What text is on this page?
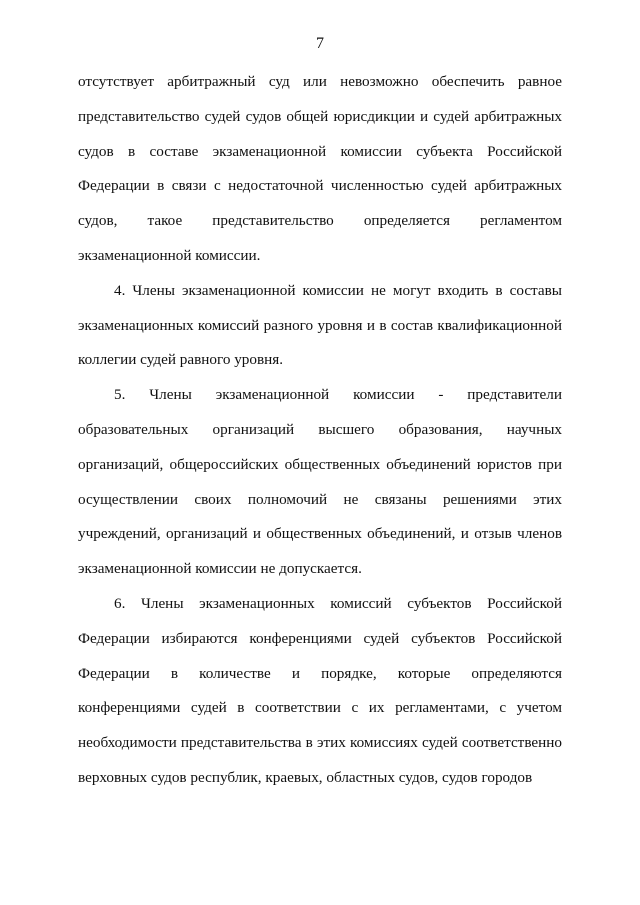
7

отсутствует арбитражный суд или невозможно обеспечить равное представительство судей судов общей юрисдикции и судей арбитражных судов в составе экзаменационной комиссии субъекта Российской Федерации в связи с недостаточной численностью судей арбитражных судов, такое представительство определяется регламентом экзаменационной комиссии.

4. Члены экзаменационной комиссии не могут входить в составы экзаменационных комиссий разного уровня и в состав квалификационной коллегии судей равного уровня.

5. Члены экзаменационной комиссии - представители образовательных организаций высшего образования, научных организаций, общероссийских общественных объединений юристов при осуществлении своих полномочий не связаны решениями этих учреждений, организаций и общественных объединений, и отзыв членов экзаменационной комиссии не допускается.

6. Члены экзаменационных комиссий субъектов Российской Федерации избираются конференциями судей субъектов Российской Федерации в количестве и порядке, которые определяются конференциями судей в соответствии с их регламентами, с учетом необходимости представительства в этих комиссиях судей соответственно верховных судов республик, краевых, областных судов, судов городов
